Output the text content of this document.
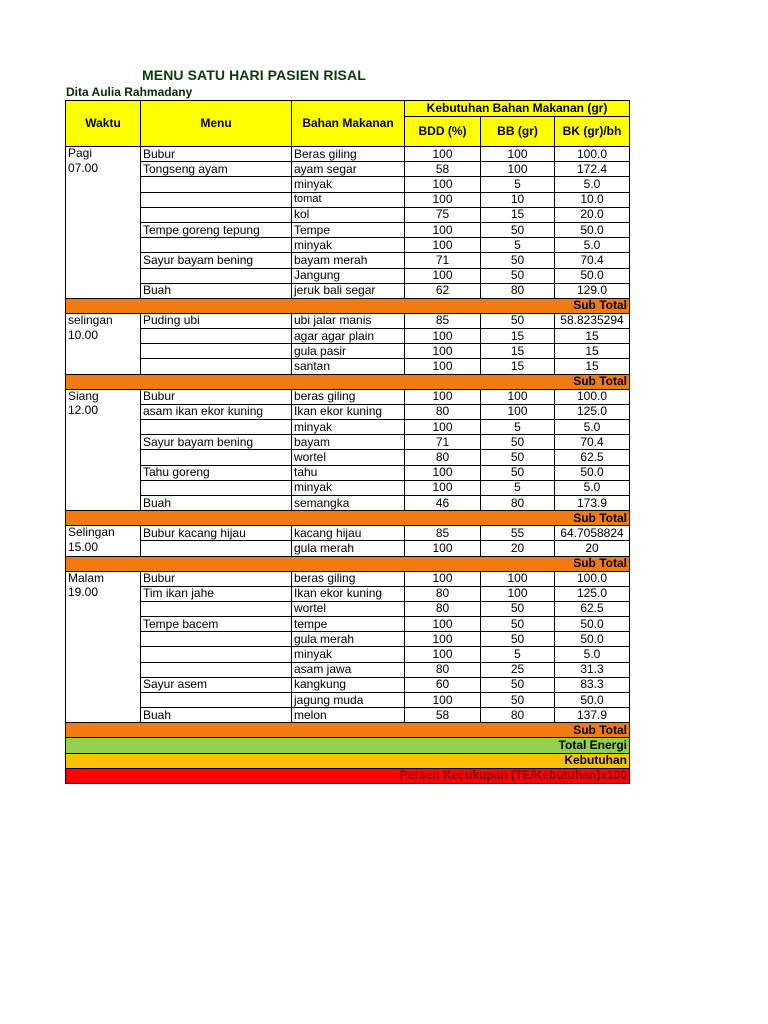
MENU SATU HARI PASIEN RISAL
Dita Aulia Rahmadany
Waktu	Menu	Bahan Makanan	Kebutuhan Bahan Makanan (gr)		
			BDD (%)	BB (gr)	BK (gr)/bh
Pagi	Bubur	Beras giling	100	100	100.0
07.00	Tongseng ayam	ayam segar	58	100	172.4
		minyak	100	5	5.0
		tomat	100	10	10.0
		kol	75	15	20.0
	Tempe goreng tepung	Tempe	100	50	50.0
		minyak	100	5	5.0
	Sayur bayam bening	bayam merah	71	50	70.4
		Jangung	100	50	50.0
	Buah	jeruk bali segar	62	80	129.0
Sub Total					
selingan	Puding ubi	ubi jalar manis	85	50	58.8235294
10.00		agar agar plain	100	15	15
		gula pasir	100	15	15
		santan	100	15	15
Sub Total					
Siang	Bubur	beras giling	100	100	100.0
12.00	asam ikan ekor kuning	Ikan ekor kuning	80	100	125.0
		minyak	100	5	5.0
	Sayur bayam bening	bayam	71	50	70.4
		wortel	80	50	62.5
	Tahu goreng	tahu	100	50	50.0
		minyak	100	5	5.0
	Buah	semangka	46	80	173.9
Sub Total					
Selingan	Bubur kacang hijau	kacang hijau	85	55	64.7058824
15.00		gula merah	100	20	20
Sub Total					
Malam	Bubur	beras giling	100	100	100.0
19.00	Tim ikan jahe	Ikan ekor kuning	80	100	125.0
		wortel	80	50	62.5
	Tempe bacem	tempe	100	50	50.0
		gula merah	100	50	50.0
		minyak	100	5	5.0
		asam jawa	80	25	31.3
	Sayur asem	kangkung	60	50	83.3
		jagung muda	100	50	50.0
	Buah	melon	58	80	137.9
Sub Total					
Total Energi					
Kebutuhan					
Persen Kecukupan (TE/Kebutuhan)x100					
